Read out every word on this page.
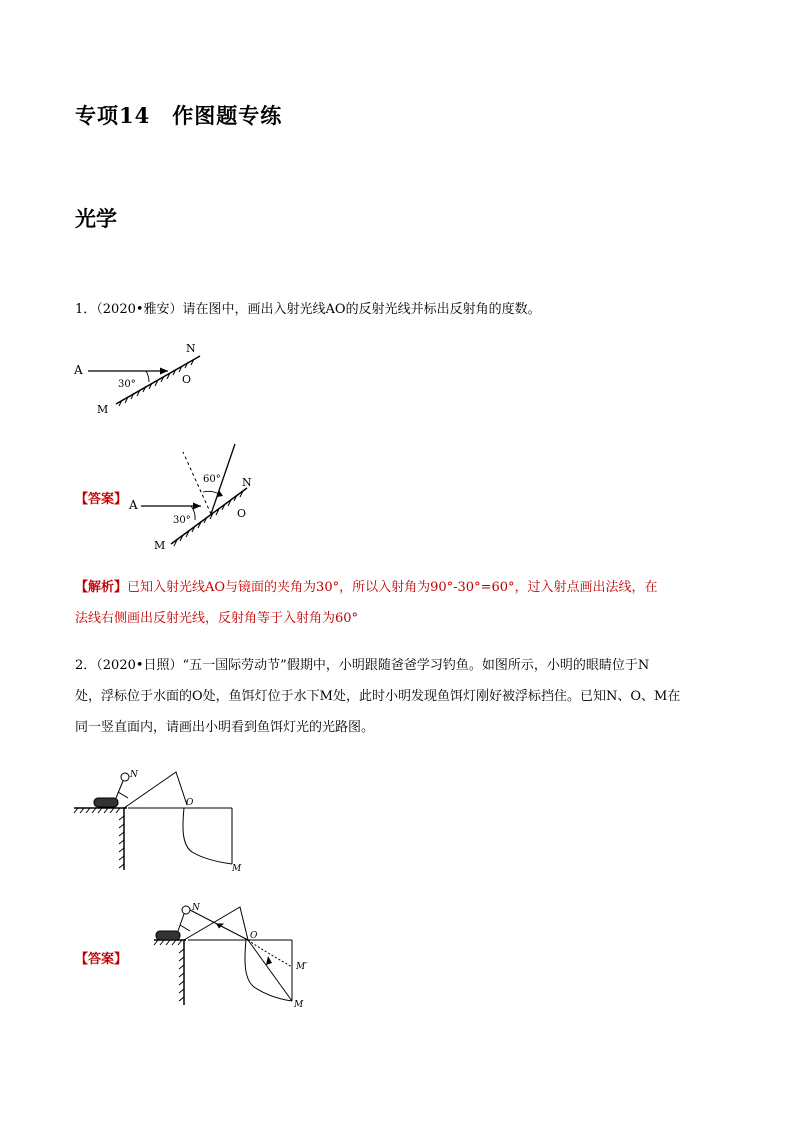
专项14　作图题专练
光学
1．（2020•雅安）请在图中，画出入射光线AO的反射光线并标出反射角的度数。
A
N
O
M
30°
【答案】 A
N
O
M
30°
60°
【解析】已知入射光线AO与镜面的夹角为30°，所以入射角为90°-30°=60°，过入射点画出法线，在
法线右侧画出反射光线，反射角等于入射角为60°
2．（2020•日照）“五一国际劳动节”假期中，小明跟随爸爸学习钓鱼。如图所示，小明的眼睛位于N
处，浮标位于水面的O处，鱼饵灯位于水下M处，此时小明发现鱼饵灯刚好被浮标挡住。已知N、O、M在
同一竖直面内，请画出小明看到鱼饵灯光的光路图。
N
O
M
【答案】
N
O
M
M′
